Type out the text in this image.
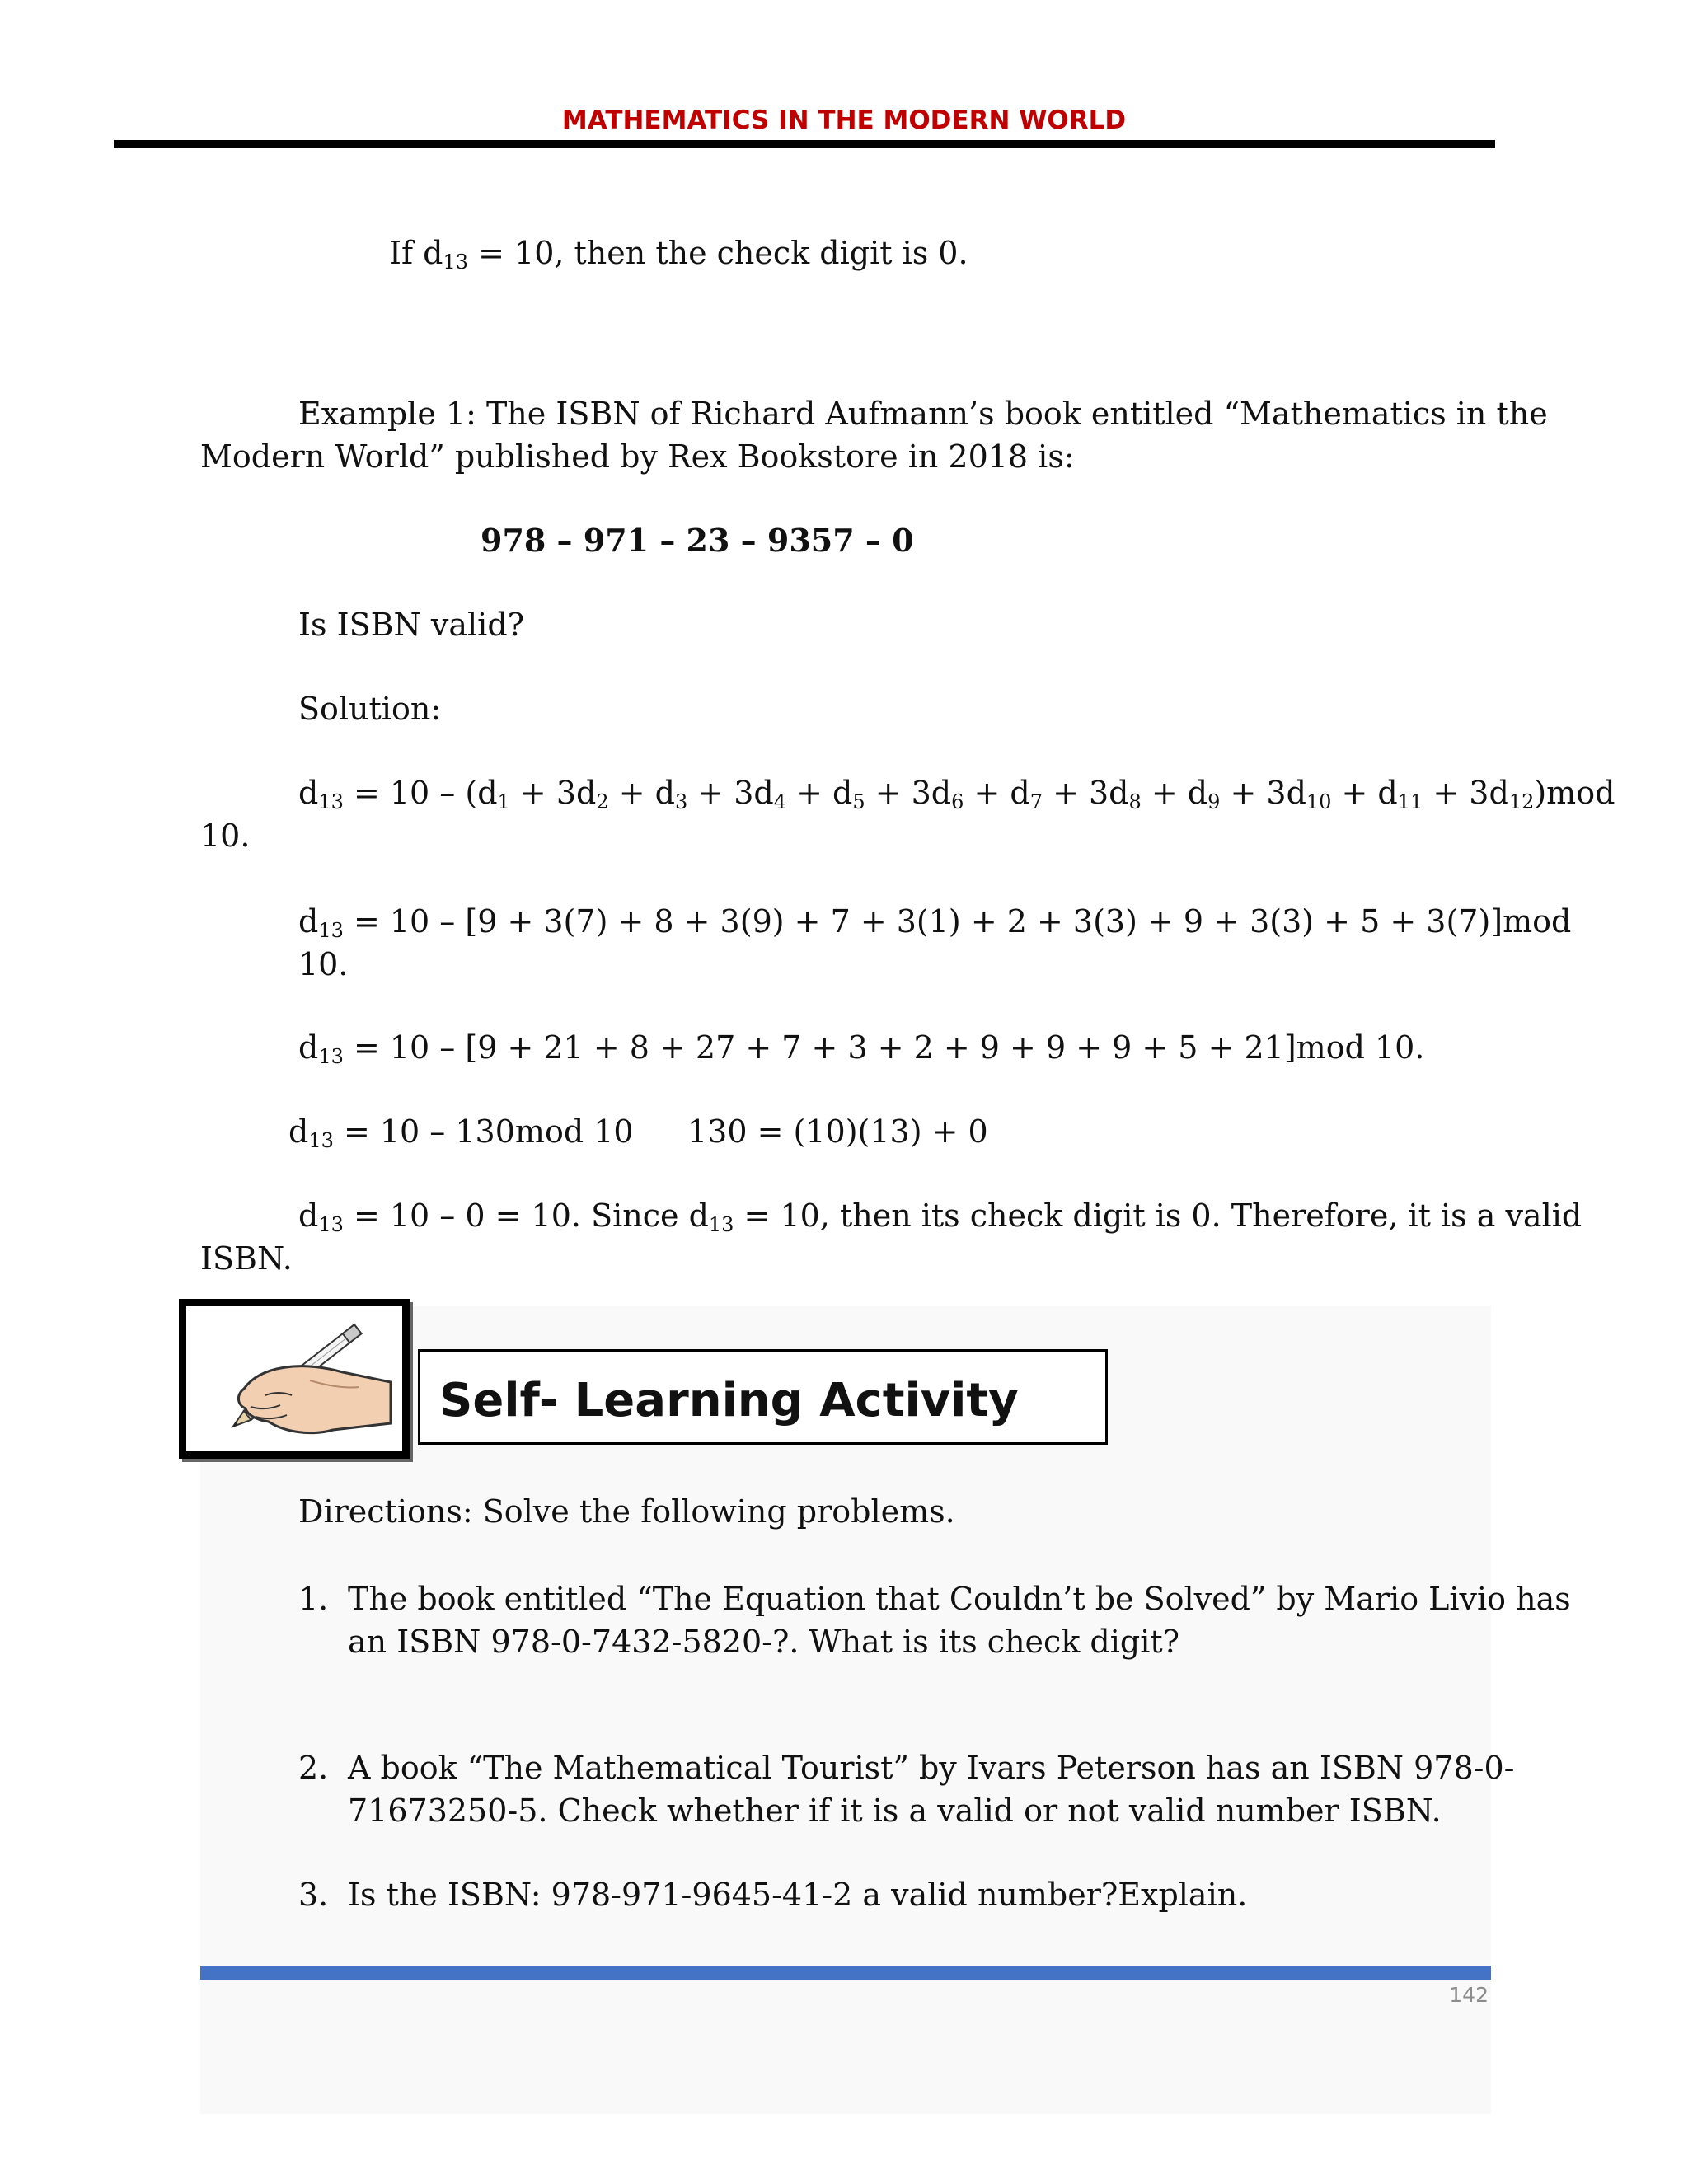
MATHEMATICS IN THE MODERN WORLD
If $d_{13} = 10$, then the check digit is 0.
Example 1: The ISBN of Richard Aufmann’s book entitled “Mathematics in the
Modern World” published by Rex Bookstore in 2018 is:
978 – 971 – 23 – 9357 – 0
Is ISBN valid?
Solution:
$d_{13} = 10 - (d_1 + 3d_2 + d_3 + 3d_4 + d_5 + 3d_6 + d_7 + 3d_8 + d_9 + 3d_{10} + d_{11} + 3d_{12})mod$
10.
$d_{13} = 10 - [9 + 3(7) + 8 + 3(9) + 7 + 3(1) + 2 + 3(3) + 9 + 3(3) + 5 + 3(7)]mod$
10.
$d_{13} = 10 - [9 + 21 + 8 + 27 + 7 + 3 + 2 + 9 + 9 + 9 + 5 + 21]mod$ 10.
$d_{13} = 10 - 130mod$ 10 130 = (10)(13) + 0
$d_{13} = 10 - 0 = 10$. Since $d_{13} = 10$, then its check digit is 0. Therefore, it is a valid
ISBN.
Self- Learning Activity
Directions: Solve the following problems.
1. The book entitled “The Equation that Couldn’t be Solved” by Mario Livio has
an ISBN 978-0-7432-5820-?. What is its check digit?
2. A book “The Mathematical Tourist” by Ivars Peterson has an ISBN 978-0-
71673250-5. Check whether if it is a valid or not valid number ISBN.
3. Is the ISBN: 978-971-9645-41-2 a valid number?Explain.
142
